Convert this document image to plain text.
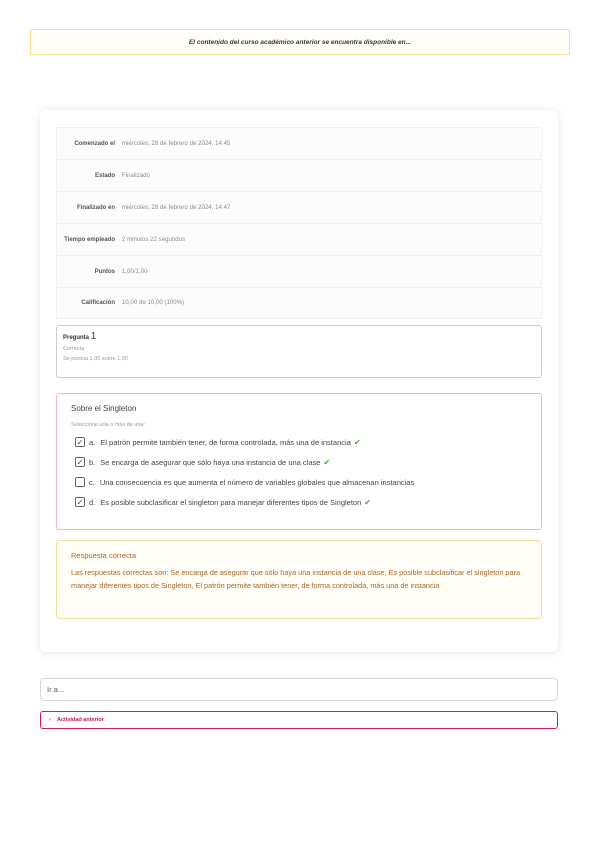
El contenido del curso académico anterior se encuentra disponible en...
Comenzado el	miércoles, 28 de febrero de 2024, 14:45
Estado	Finalizado
Finalizado en	miércoles, 28 de febrero de 2024, 14:47
Tiempo empleado	2 minutos 22 segundos
Puntos	1,00/1,00
Calificación	10,00 de 10,00 (100%)
Pregunta 1
Correcta
Se puntúa 1,00 sobre 1,00
Sobre el Singleton
Seleccione una o más de una:
✓ a. El patrón permite también tener, de forma controlada, más una de instancia ✔
✓ b. Se encarga de asegurar que sólo haya una instancia de una clase ✔
c. Una consecuencia es que aumenta el número de variables globales que almacenan instancias
✓ d. Es posible subclasificar el singleton para manejar diferentes tipos de Singleton ✔
Respuesta correcta
Las respuestas correctas son: Se encarga de asegurar que sólo haya una instancia de una clase, Es posible subclasificar el singleton para manejar diferentes tipos de Singleton, El patrón permite también tener, de forma controlada, más una de instancia
Ir a...
‹ Actividad anterior
